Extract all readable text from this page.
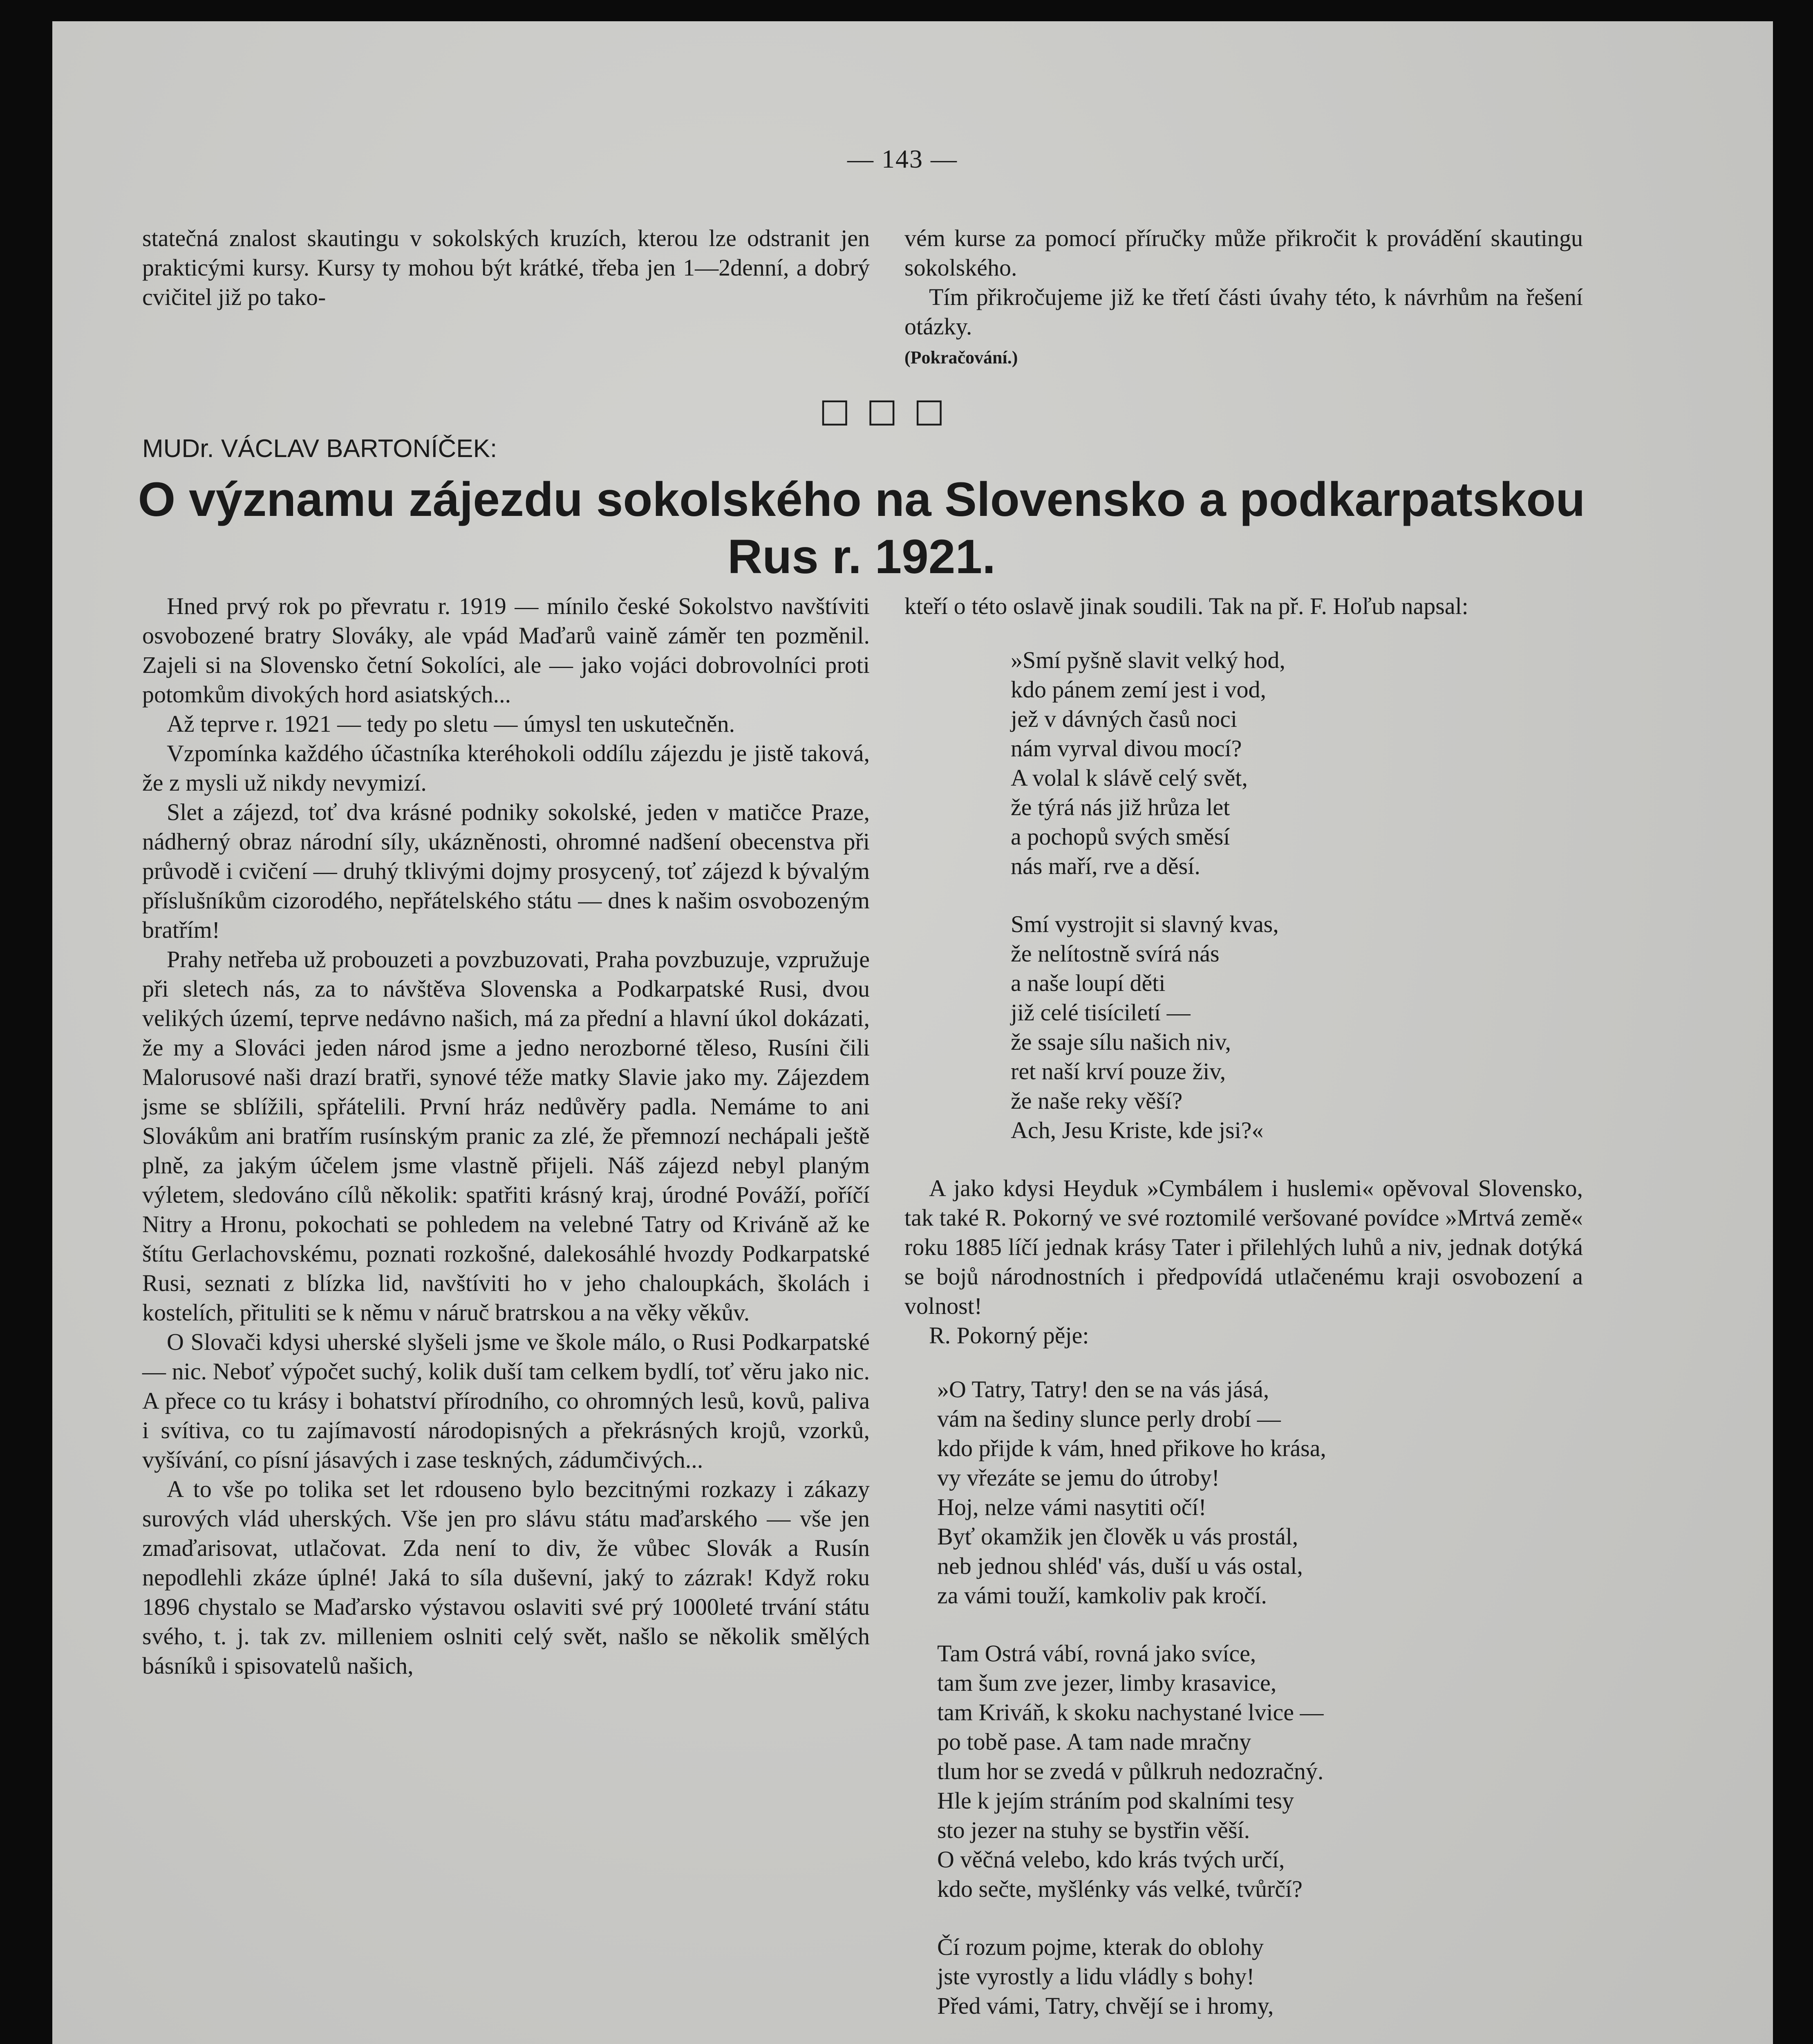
— 143 —

statečná znalost skautingu v sokolských kruzích, kterou lze odstranit jen prakticými kursy. Kursy ty mohou být krátké, třeba jen 1—2denní, a dobrý cvičitel již po tako-

vém kurse za pomocí příručky může přikročit k provádění skautingu sokolského.

Tím přikročujeme již ke třetí části úvahy této, k návrhům na řešení otázky.

(Pokračování.)

□□□
MUDr. VÁCLAV BARTONÍČEK:
O významu zájezdu sokolského na Slovensko a podkarpatskou Rus r. 1921.

Hned prvý rok po převratu r. 1919 — mínilo české Sokolstvo navštíviti osvobozené bratry Slováky, ale vpád Maďarů vaině záměr ten pozměnil. Zajeli si na Slovensko četní Sokolíci, ale — jako vojáci dobrovolníci proti potomkům divokých hord asiatských...

Až teprve r. 1921 — tedy po sletu — úmysl ten uskutečněn.

Vzpomínka každého účastníka kteréhokoli oddílu zájezdu je jistě taková, že z mysli už nikdy nevymizí.

Slet a zájezd, toť dva krásné podniky sokolské, jeden v matičce Praze, nádherný obraz národní síly, ukázněnosti, ohromné nadšení obecenstva při průvodě i cvičení — druhý tklivými dojmy prosycený, toť zájezd k bývalým příslušníkům cizorodého, nepřátelského státu — dnes k našim osvobozeným bratřím!

Prahy netřeba už probouzeti a povzbuzovati, Praha povzbuzuje, vzpružuje při sletech nás, za to návštěva Slovenska a Podkarpatské Rusi, dvou velikých území, teprve nedávno našich, má za přední a hlavní úkol dokázati, že my a Slováci jeden národ jsme a jedno nerozborné těleso, Rusíni čili Malorusové naši drazí bratři, synové téže matky Slavie jako my. Zájezdem jsme se sblížili, spřátelili. První hráz nedůvěry padla. Nemáme to ani Slovákům ani bratřím rusínským pranic za zlé, že přemnozí nechápali ještě plně, za jakým účelem jsme vlastně přijeli. Náš zájezd nebyl planým výletem, sledováno cílů několik: spatřiti krásný kraj, úrodné Pováží, poříčí Nitry a Hronu, pokochati se pohledem na velebné Tatry od Kriváně až ke štítu Gerlachovskému, poznati rozkošné, dalekosáhlé hvozdy Podkarpatské Rusi, seznati z blízka lid, navštíviti ho v jeho chaloupkách, školách i kostelích, přituliti se k němu v náruč bratrskou a na věky věkův.

O Slovači kdysi uherské slyšeli jsme ve škole málo, o Rusi Podkarpatské — nic. Neboť výpočet suchý, kolik duší tam celkem bydlí, toť věru jako nic. A přece co tu krásy i bohatství přírodního, co ohromných lesů, kovů, paliva i svítiva, co tu zajímavostí národopisných a překrásných krojů, vzorků, vyšívání, co písní jásavých i zase teskných, zádumčivých...

A to vše po tolika set let rdouseno bylo bezcitnými rozkazy i zákazy surových vlád uherských. Vše jen pro slávu státu maďarského — vše jen zmaďarisovat, utlačovat. Zda není to div, že vůbec Slovák a Rusín nepodlehli zkáze úplné! Jaká to síla duševní, jaký to zázrak! Když roku 1896 chystalo se Maďarsko výstavou oslaviti své prý 1000leté trvání státu svého, t. j. tak zv. milleniem oslniti celý svět, našlo se několik smělých básníků i spisovatelů našich,

kteří o této oslavě jinak soudili. Tak na př. F. Hoľub napsal:

»Smí pyšně slavit velký hod,
kdo pánem zemí jest i vod,
jež v dávných časů noci
nám vyrval divou mocí?
A volal k slávě celý svět,
že týrá nás již hrůza let
a pochopů svých směsí
nás maří, rve a děsí.
Smí vystrojit si slavný kvas,
že nelítostně svírá nás
a naše loupí děti
již celé tisíciletí —
že ssaje sílu našich niv,
ret naší krví pouze živ,
že naše reky věší?
Ach, Jesu Kriste, kde jsi?«

A jako kdysi Heyduk »Cymbálem i huslemi« opěvoval Slovensko, tak také R. Pokorný ve své roztomilé veršované povídce »Mrtvá země« roku 1885 líčí jednak krásy Tater i přilehlých luhů a niv, jednak dotýká se bojů národnostních i předpovídá utlačenému kraji osvobození a volnost!

R. Pokorný pěje:

»O Tatry, Tatry! den se na vás jásá,
vám na šediny slunce perly drobí —
kdo přijde k vám, hned přikove ho krása,
vy vřezáte se jemu do útroby!
Hoj, nelze vámi nasytiti očí!
Byť okamžik jen člověk u vás prostál,
neb jednou shléd' vás, duší u vás ostal,
za vámi touží, kamkoliv pak kročí.
Tam Ostrá vábí, rovná jako svíce,
tam šum zve jezer, limby krasavice,
tam Kriváň, k skoku nachystané lvice —
po tobě pase. A tam nade mračny
tlum hor se zvedá v půlkruh nedozračný.
Hle k jejím stráním pod skalními tesy
sto jezer na stuhy se bystřin věší.
O věčná velebo, kdo krás tvých určí,
kdo sečte, myšlénky vás velké, tvůrčí?
Čí rozum pojme, kterak do oblohy
jste vyrostly a lidu vládly s bohy!
Před vámi, Tatry, chvějí se i hromy,
